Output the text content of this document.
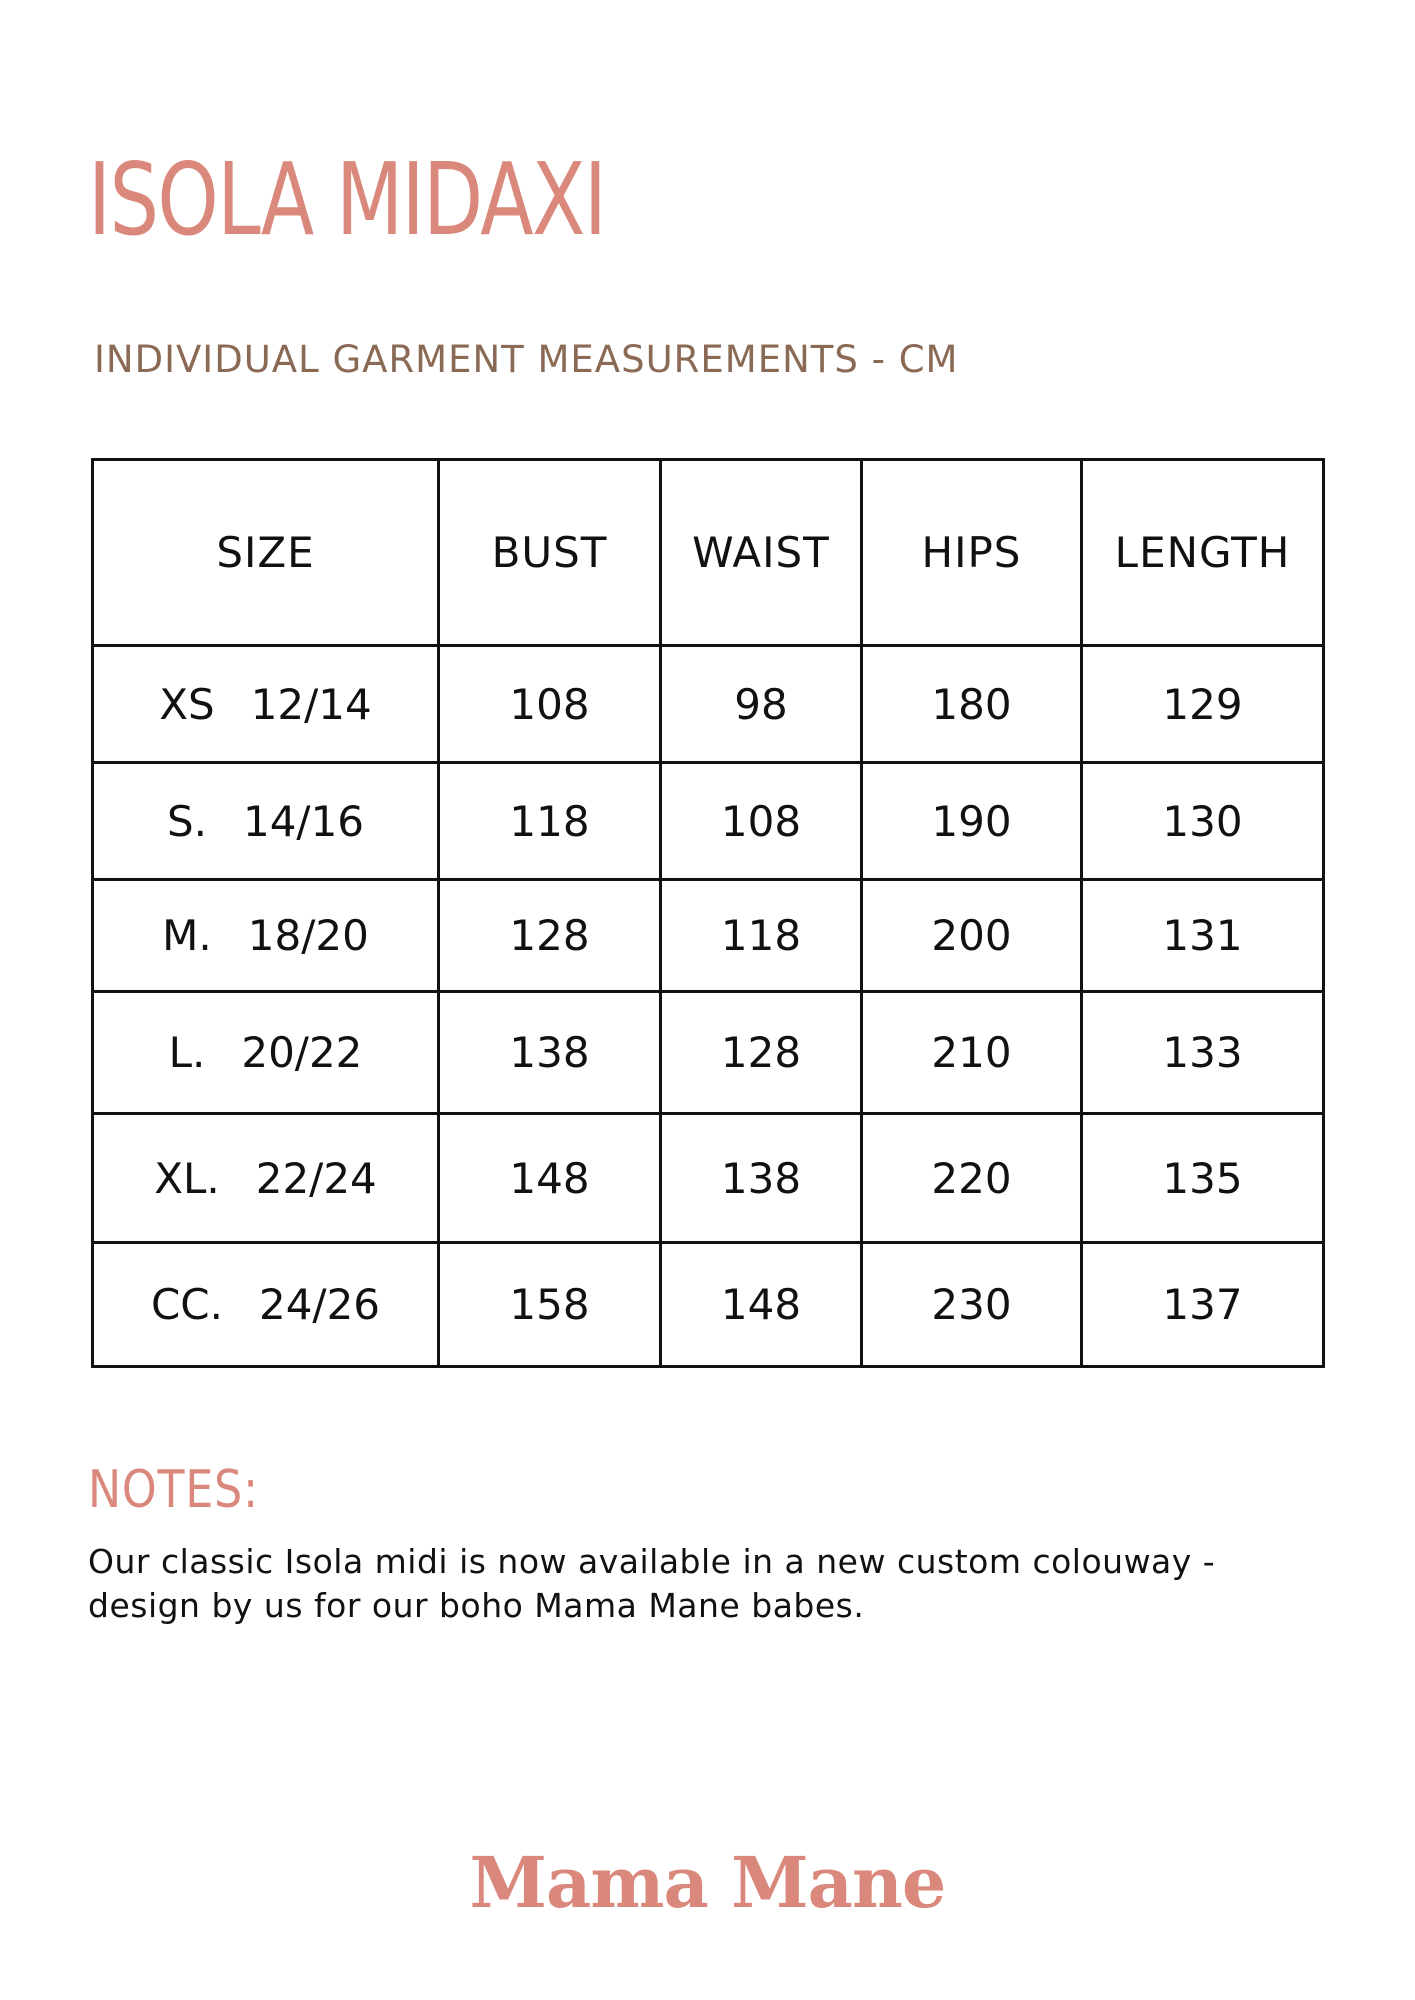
ISOLA MIDAXI
INDIVIDUAL GARMENT MEASUREMENTS - CM
SIZE	BUST	WAIST	HIPS	LENGTH
XS 12/14	108	98	180	129
S. 14/16	118	108	190	130
M. 18/20	128	118	200	131
L. 20/22	138	128	210	133
XL. 22/24	148	138	220	135
CC. 24/26	158	148	230	137
NOTES:

Our classic Isola midi is now available in a new custom colouway -
design by us for our boho Mama Mane babes.

Mama Mane
